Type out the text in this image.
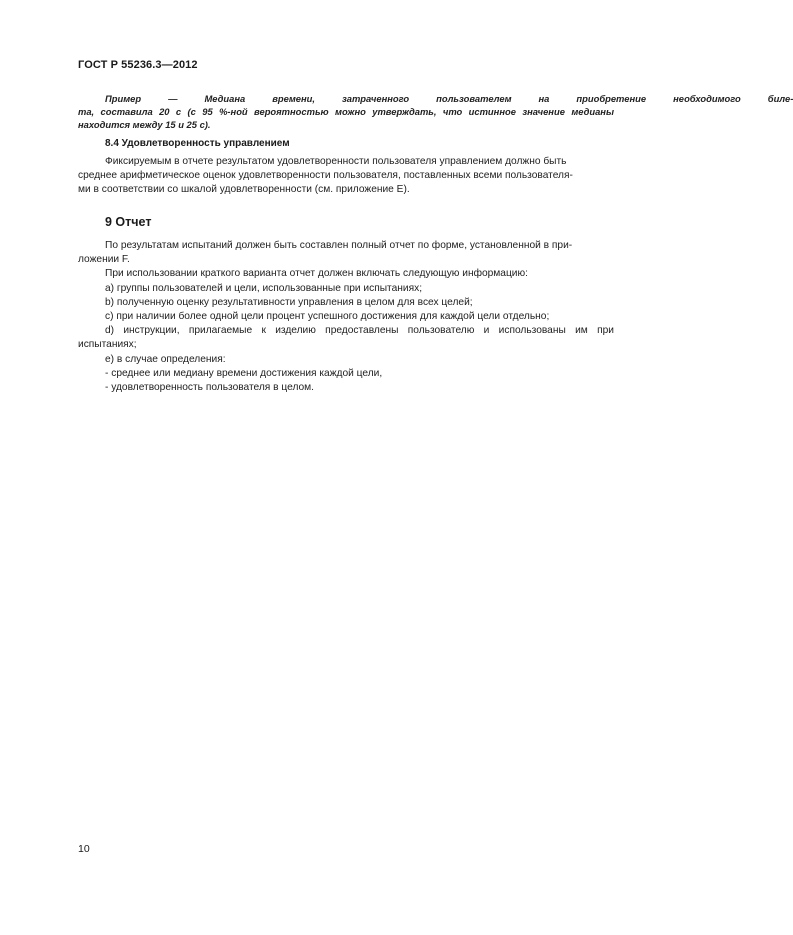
ГОСТ Р 55236.3—2012
Пример	—	Медиана	времени,	затраченного	пользователем	на	приобретение	необходимого	биле-
та, составила 20 с (с 95 %-ной вероятностью можно утверждать, что истинное значение медианы
находится между 15 и 25 с).
8.4 Удовлетворенность управлением
Фиксируемым в отчете результатом удовлетворенности пользователя управлением должно быть
среднее арифметическое оценок удовлетворенности пользователя, поставленных всеми пользователя-
ми в соответствии со шкалой удовлетворенности (см. приложение Е).
9 Отчет
По результатам испытаний должен быть составлен полный отчет по форме, установленной в при-
ложении F.
При использовании краткого варианта отчет должен включать следующую информацию:
a) группы пользователей и цели, использованные при испытаниях;
b) полученную оценку результативности управления в целом для всех целей;
c) при наличии более одной цели процент успешного достижения для каждой цели отдельно;
d) инструкции, прилагаемые к изделию предоставлены пользователю и использованы им при
испытаниях;
e) в случае определения:
- среднее или медиану времени достижения каждой цели,
- удовлетворенность пользователя в целом.
10
